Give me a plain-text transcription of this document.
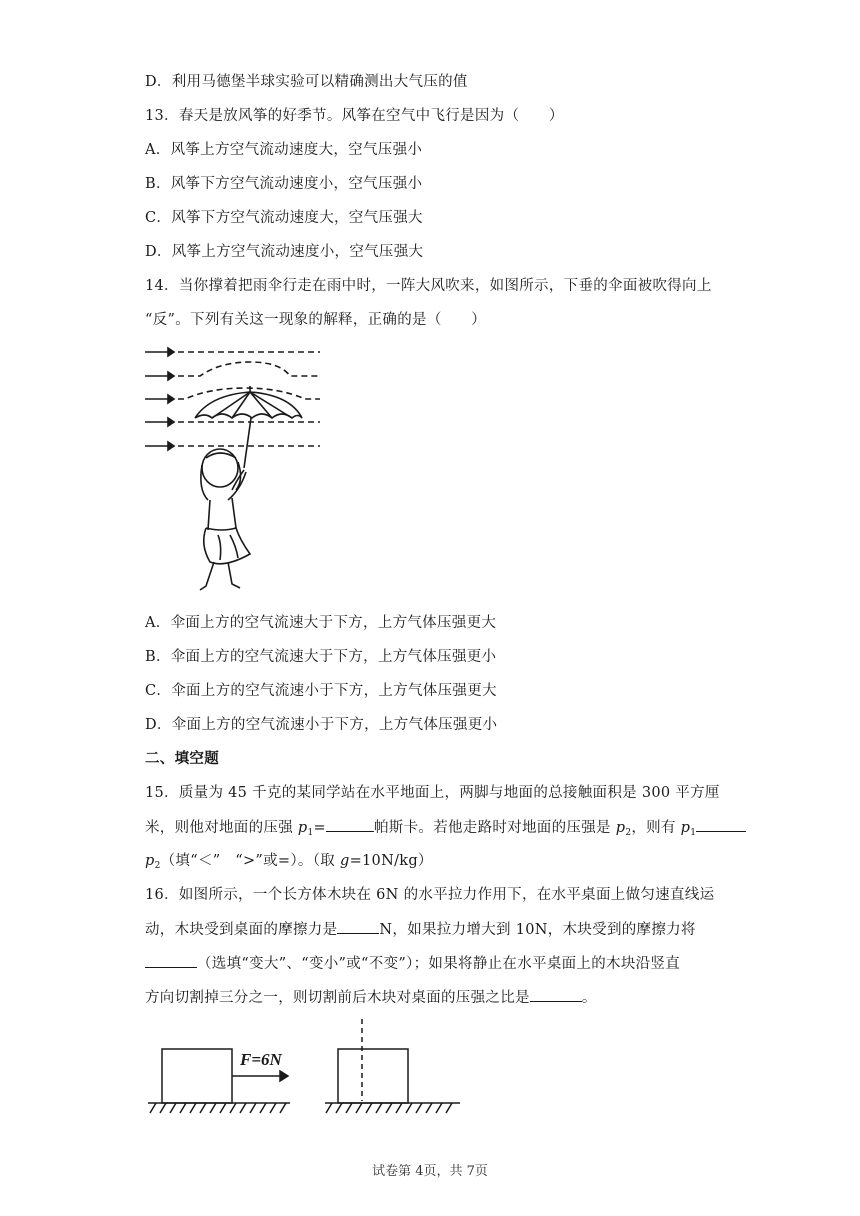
D．利用马德堡半球实验可以精确测出大气压的值
13．春天是放风筝的好季节。风筝在空气中飞行是因为（　　）
A．风筝上方空气流动速度大，空气压强小
B．风筝下方空气流动速度小，空气压强小
C．风筝下方空气流动速度大，空气压强大
D．风筝上方空气流动速度小，空气压强大
14．当你撑着把雨伞行走在雨中时，一阵大风吹来，如图所示，下垂的伞面被吹得向上
“反”。下列有关这一现象的解释，正确的是（　　）
A．伞面上方的空气流速大于下方，上方气体压强更大
B．伞面上方的空气流速大于下方，上方气体压强更小
C．伞面上方的空气流速小于下方，上方气体压强更大
D．伞面上方的空气流速小于下方，上方气体压强更小
二、填空题
15．质量为 45 千克的某同学站在水平地面上，两脚与地面的总接触面积是 300 平方厘
米，则他对地面的压强 $p_1=$	帕斯卡。若他走路时对地面的压强是 $p_2$，则有 $p_1$
$p_2$（填“＜”　“>”或=）。（取 g=10N/kg）
16．如图所示，一个长方体木块在 6N 的水平拉力作用下，在水平桌面上做匀速直线运
动，木块受到桌面的摩擦力是	N，如果拉力增大到 10N，木块受到的摩擦力将
（选填“变大”、“变小”或“不变”）；如果将静止在水平桌面上的木块沿竖直
方向切割掉三分之一，则切割前后木块对桌面的压强之比是	。
F=6N
试卷第 4页，共 7页
